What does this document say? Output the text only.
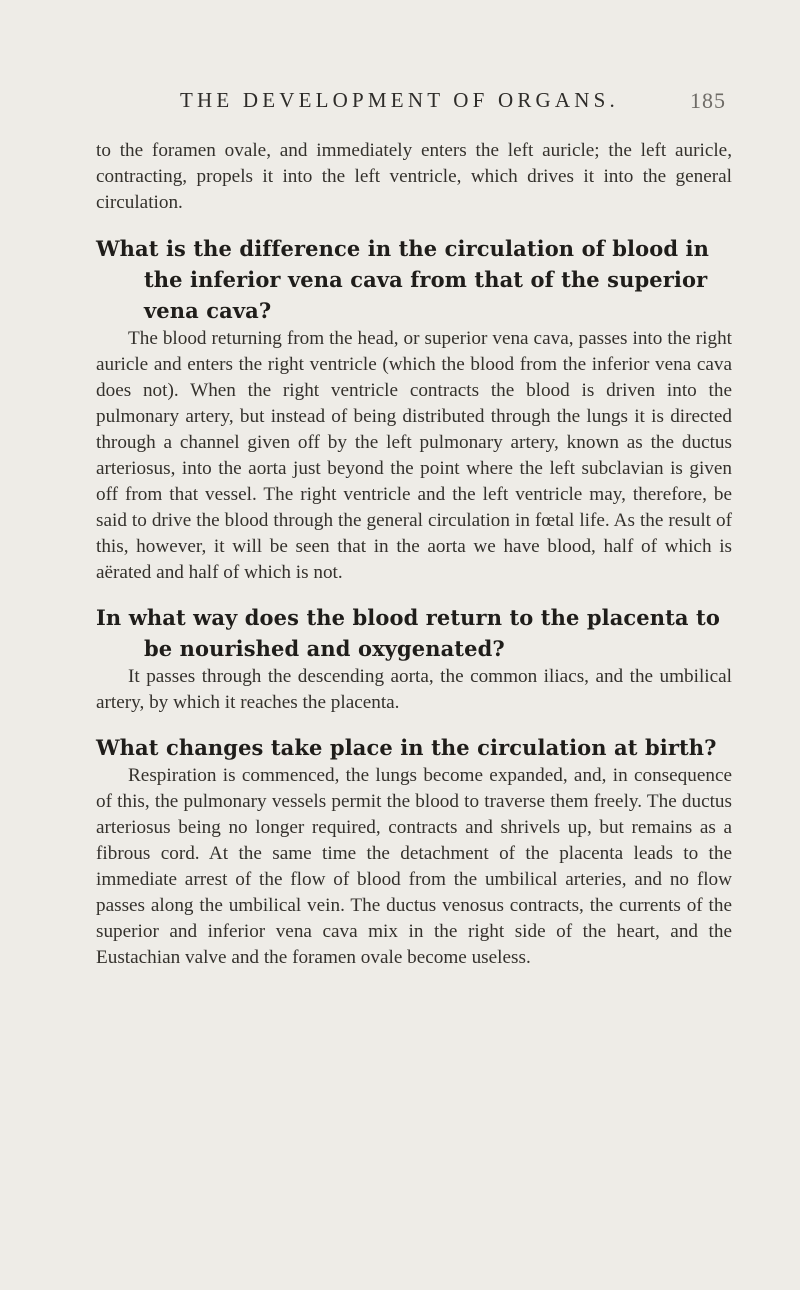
THE DEVELOPMENT OF ORGANS.	185

to the foramen ovale, and immediately enters the left auricle; the left auricle, contracting, propels it into the left ventricle, which drives it into the general circulation.

What is the difference in the circulation of blood in the inferior vena cava from that of the superior vena cava?

The blood returning from the head, or superior vena cava, passes into the right auricle and enters the right ventricle (which the blood from the inferior vena cava does not). When the right ventricle contracts the blood is driven into the pulmonary artery, but instead of being distributed through the lungs it is directed through a channel given off by the left pulmonary artery, known as the ductus arteriosus, into the aorta just beyond the point where the left subclavian is given off from that vessel. The right ventricle and the left ventricle may, therefore, be said to drive the blood through the general circulation in fœtal life. As the result of this, however, it will be seen that in the aorta we have blood, half of which is aërated and half of which is not.

In what way does the blood return to the placenta to be nourished and oxygenated?

It passes through the descending aorta, the common iliacs, and the umbilical artery, by which it reaches the placenta.

What changes take place in the circulation at birth?

Respiration is commenced, the lungs become expanded, and, in consequence of this, the pulmonary vessels permit the blood to traverse them freely. The ductus arteriosus being no longer required, contracts and shrivels up, but remains as a fibrous cord. At the same time the detachment of the placenta leads to the immediate arrest of the flow of blood from the umbilical arteries, and no flow passes along the umbilical vein. The ductus venosus contracts, the currents of the superior and inferior vena cava mix in the right side of the heart, and the Eustachian valve and the foramen ovale become useless.
